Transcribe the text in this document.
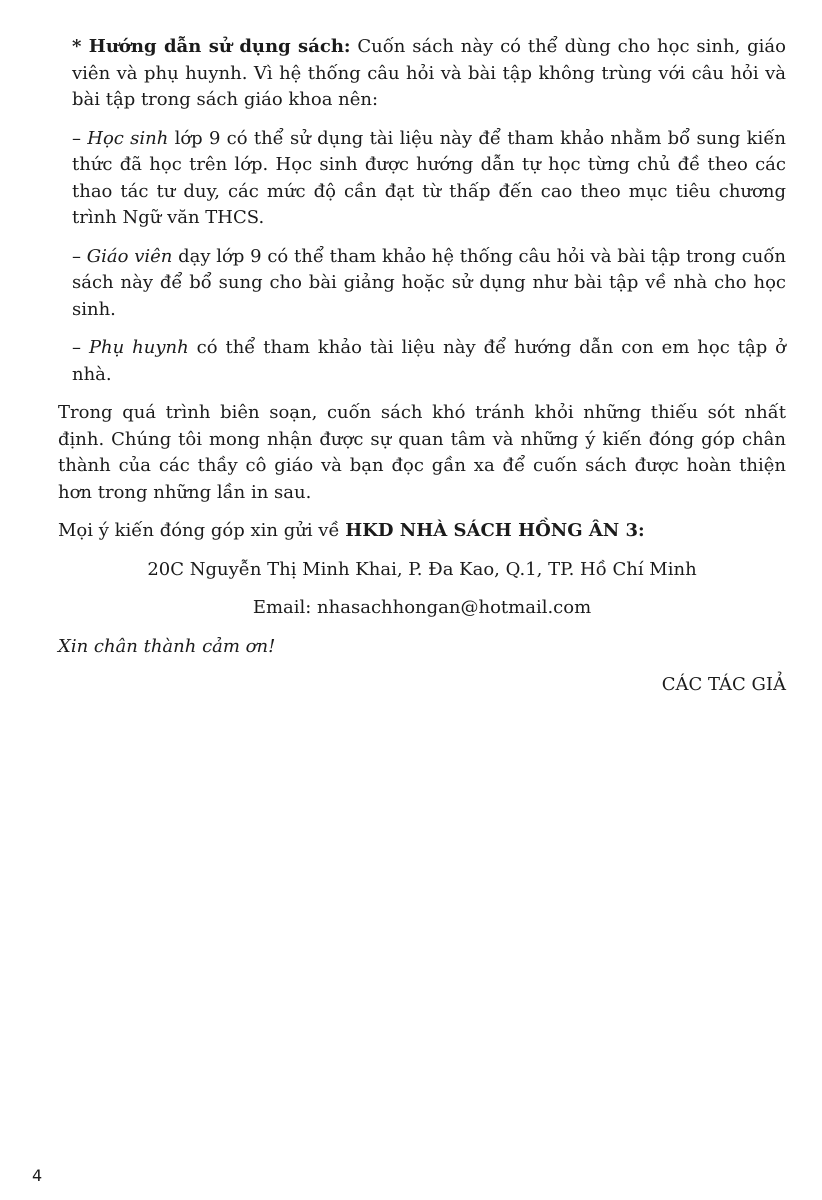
* Hướng dẫn sử dụng sách: Cuốn sách này có thể dùng cho học sinh, giáo viên và phụ huynh. Vì hệ thống câu hỏi và bài tập không trùng với câu hỏi và bài tập trong sách giáo khoa nên:

– Học sinh lớp 9 có thể sử dụng tài liệu này để tham khảo nhằm bổ sung kiến thức đã học trên lớp. Học sinh được hướng dẫn tự học từng chủ đề theo các thao tác tư duy, các mức độ cần đạt từ thấp đến cao theo mục tiêu chương trình Ngữ văn THCS.

– Giáo viên dạy lớp 9 có thể tham khảo hệ thống câu hỏi và bài tập trong cuốn sách này để bổ sung cho bài giảng hoặc sử dụng như bài tập về nhà cho học sinh.

– Phụ huynh có thể tham khảo tài liệu này để hướng dẫn con em học tập ở nhà.

Trong quá trình biên soạn, cuốn sách khó tránh khỏi những thiếu sót nhất định. Chúng tôi mong nhận được sự quan tâm và những ý kiến đóng góp chân thành của các thầy cô giáo và bạn đọc gần xa để cuốn sách được hoàn thiện hơn trong những lần in sau.

Mọi ý kiến đóng góp xin gửi về HKD NHÀ SÁCH HỒNG ÂN 3:

20C Nguyễn Thị Minh Khai, P. Đa Kao, Q.1, TP. Hồ Chí Minh

Email: nhasachhongan@hotmail.com

Xin chân thành cảm ơn!

CÁC TÁC GIẢ

4
